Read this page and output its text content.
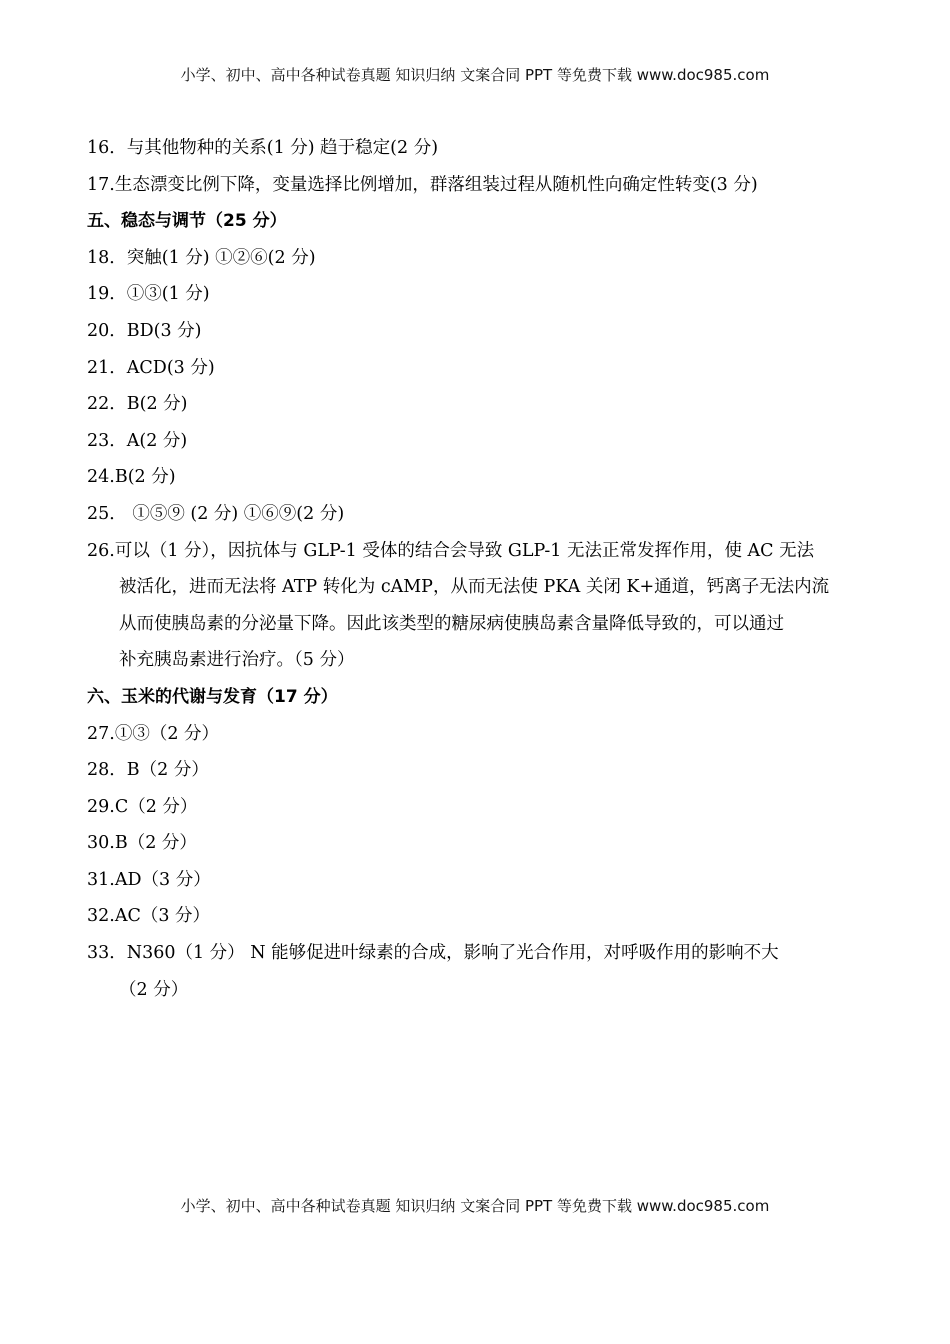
小学、初中、高中各种试卷真题 知识归纳 文案合同 PPT 等免费下载 www.doc985.com
16．与其他物种的关系(1 分) 趋于稳定(2 分)
17.生态漂变比例下降，变量选择比例增加，群落组装过程从随机性向确定性转变(3 分)
五、稳态与调节（25 分）
18．突触(1 分) ①②⑥(2 分)
19．①③(1 分)
20．BD(3 分)
21．ACD(3 分)
22．B(2 分)
23．A(2 分)
24.B(2 分)
25． ①⑤⑨ (2 分) ①⑥⑨(2 分)
26.可以（1 分），因抗体与 GLP-1 受体的结合会导致 GLP-1 无法正常发挥作用，使 AC 无法
被活化，进而无法将 ATP 转化为 cAMP，从而无法使 PKA 关闭 K+通道，钙离子无法内流
从而使胰岛素的分泌量下降。因此该类型的糖尿病使胰岛素含量降低导致的，可以通过
补充胰岛素进行治疗。（5 分）
六、玉米的代谢与发育（17 分）
27.①③（2 分）
28．B（2 分）
29.C（2 分）
30.B（2 分）
31.AD（3 分）
32.AC（3 分）
33．N360（1 分） N 能够促进叶绿素的合成，影响了光合作用，对呼吸作用的影响不大
（2 分）
小学、初中、高中各种试卷真题 知识归纳 文案合同 PPT 等免费下载 www.doc985.com
